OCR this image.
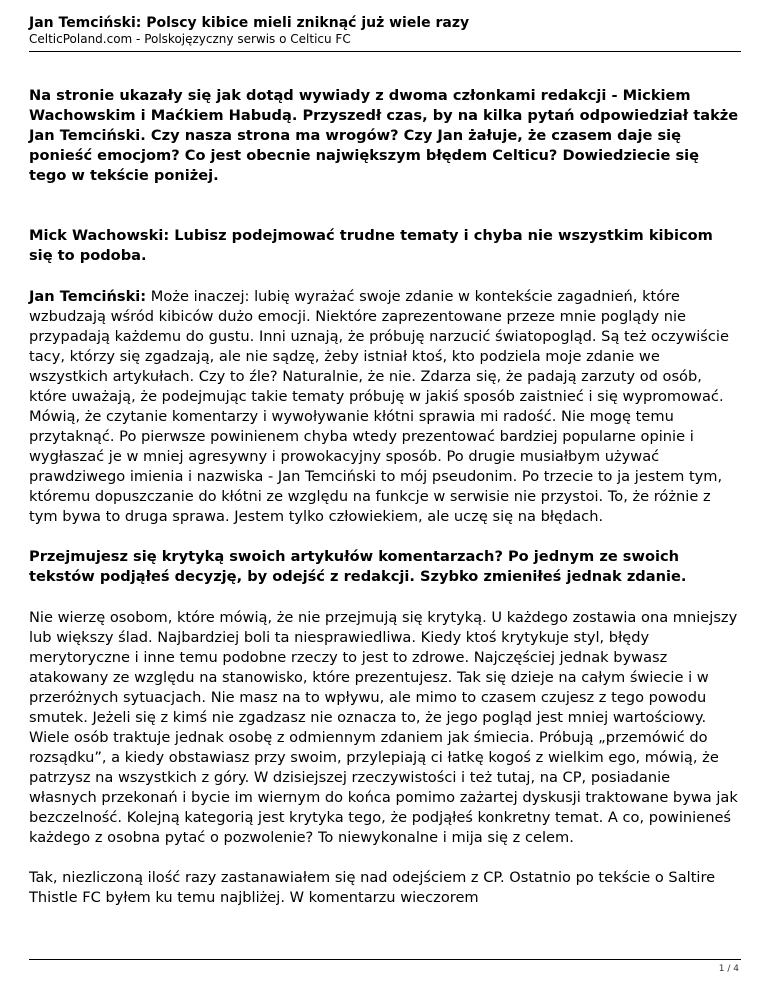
Jan Temciński: Polscy kibice mieli zniknąć już wiele razy

CelticPoland.com - Polskojęzyczny serwis o Celticu FC

Na stronie ukazały się jak dotąd wywiady z dwoma członkami redakcji - Mickiem Wachowskim i Maćkiem Habudą. Przyszedł czas, by na kilka pytań odpowiedział także Jan Temciński. Czy nasza strona ma wrogów? Czy Jan żałuje, że czasem daje się ponieść emocjom? Co jest obecnie największym błędem Celticu? Dowiedziecie się tego w tekście poniżej.

Mick Wachowski: Lubisz podejmować trudne tematy i chyba nie wszystkim kibicom się to podoba.

Jan Temciński: Może inaczej: lubię wyrażać swoje zdanie w kontekście zagadnień, które wzbudzają wśród kibiców dużo emocji. Niektóre zaprezentowane przeze mnie poglądy nie przypadają każdemu do gustu. Inni uznają, że próbuję narzucić światopogląd. Są też oczywiście tacy, którzy się zgadzają, ale nie sądzę, żeby istniał ktoś, kto podziela moje zdanie we wszystkich artykułach. Czy to źle? Naturalnie, że nie. Zdarza się, że padają zarzuty od osób, które uważają, że podejmując takie tematy próbuję w jakiś sposób zaistnieć i się wypromować. Mówią, że czytanie komentarzy i wywoływanie kłótni sprawia mi radość. Nie mogę temu przytaknąć. Po pierwsze powinienem chyba wtedy prezentować bardziej popularne opinie i wygłaszać je w mniej agresywny i prowokacyjny sposób. Po drugie musiałbym używać prawdziwego imienia i nazwiska - Jan Temciński to mój pseudonim. Po trzecie to ja jestem tym, któremu dopuszczanie do kłótni ze względu na funkcje w serwisie nie przystoi. To, że różnie z tym bywa to druga sprawa. Jestem tylko człowiekiem, ale uczę się na błędach.

Przejmujesz się krytyką swoich artykułów komentarzach? Po jednym ze swoich tekstów podjąłeś decyzję, by odejść z redakcji. Szybko zmieniłeś jednak zdanie.

Nie wierzę osobom, które mówią, że nie przejmują się krytyką. U każdego zostawia ona mniejszy lub większy ślad. Najbardziej boli ta niesprawiedliwa. Kiedy ktoś krytykuje styl, błędy merytoryczne i inne temu podobne rzeczy to jest to zdrowe. Najczęściej jednak bywasz atakowany ze względu na stanowisko, które prezentujesz. Tak się dzieje na całym świecie i w przeróżnych sytuacjach. Nie masz na to wpływu, ale mimo to czasem czujesz z tego powodu smutek. Jeżeli się z kimś nie zgadzasz nie oznacza to, że jego pogląd jest mniej wartościowy. Wiele osób traktuje jednak osobę z odmiennym zdaniem jak śmiecia. Próbują „przemówić do rozsądku”, a kiedy obstawiasz przy swoim, przylepiają ci łatkę kogoś z wielkim ego, mówią, że patrzysz na wszystkich z góry. W dzisiejszej rzeczywistości i też tutaj, na CP, posiadanie własnych przekonań i bycie im wiernym do końca pomimo zażartej dyskusji traktowane bywa jak bezczelność. Kolejną kategorią jest krytyka tego, że podjąłeś konkretny temat. A co, powinieneś każdego z osobna pytać o pozwolenie? To niewykonalne i mija się z celem.

Tak, niezliczoną ilość razy zastanawiałem się nad odejściem z CP. Ostatnio po tekście o Saltire Thistle FC byłem ku temu najbliżej. W komentarzu wieczorem

1 / 4
